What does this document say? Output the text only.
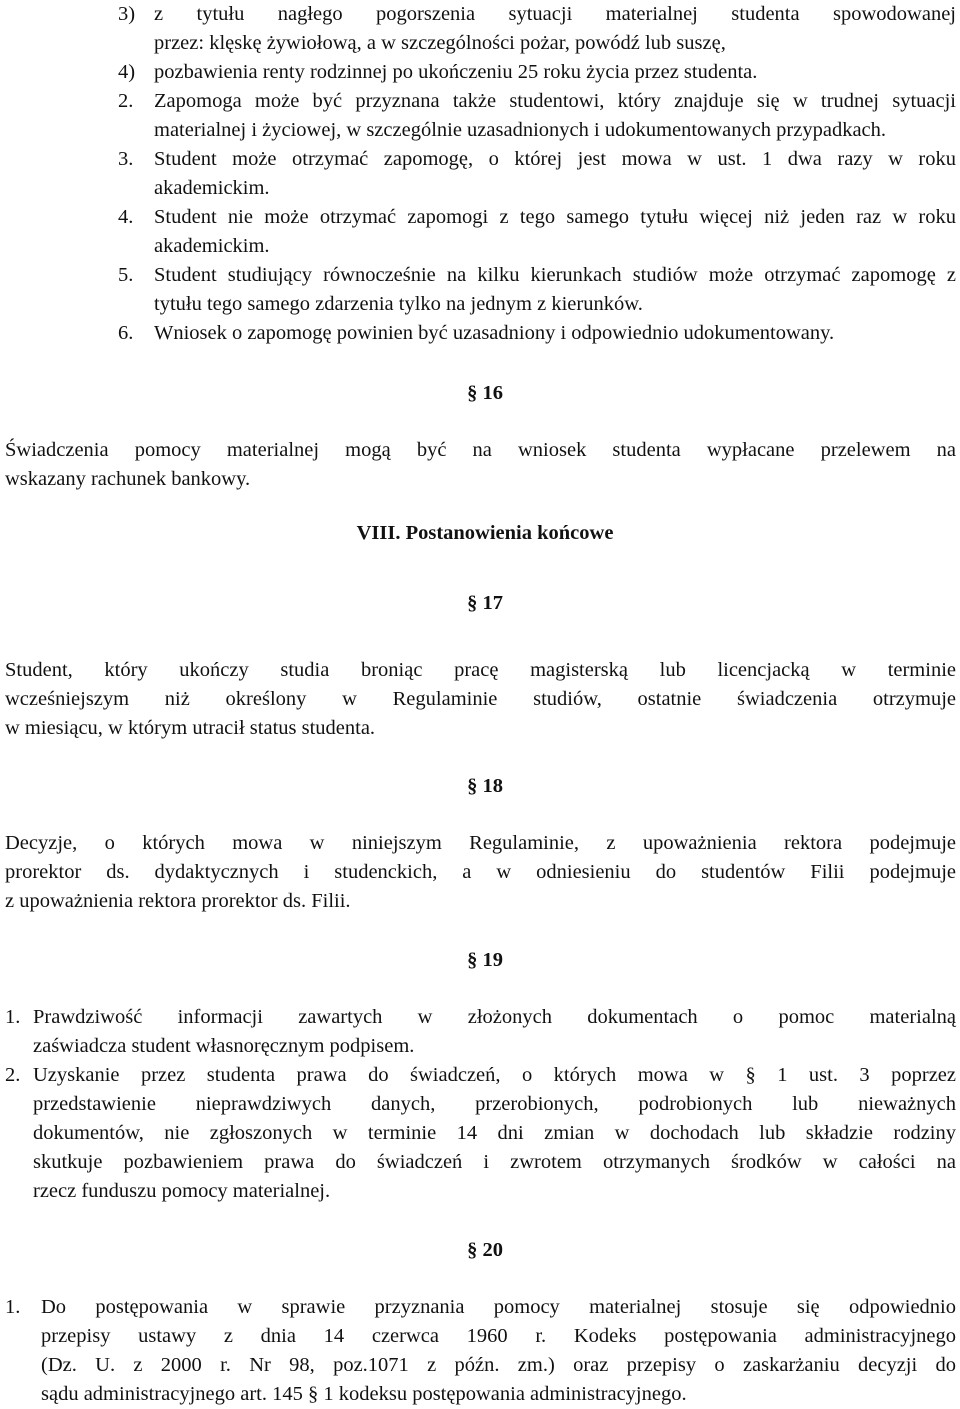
3) z tytułu nagłego pogorszenia sytuacji materialnej studenta spowodowanej
przez: klęskę żywiołową, a w szczególności pożar, powódź lub suszę,
4) pozbawienia renty rodzinnej po ukończeniu 25 roku życia przez studenta.
2. Zapomoga może być przyznana także studentowi, który znajduje się w trudnej sytuacji
materialnej i życiowej, w szczególnie uzasadnionych i udokumentowanych przypadkach.
3. Student może otrzymać zapomogę, o której jest mowa w ust. 1 dwa razy w roku
akademickim.
4. Student nie może otrzymać zapomogi z tego samego tytułu więcej niż jeden raz w roku
akademickim.
5. Student studiujący równocześnie na kilku kierunkach studiów może otrzymać zapomogę z
tytułu tego samego zdarzenia tylko na jednym z kierunków.
6. Wniosek o zapomogę powinien być uzasadniony i odpowiednio udokumentowany.
§ 16
Świadczenia pomocy materialnej mogą być na wniosek studenta wypłacane przelewem na
wskazany rachunek bankowy.
VIII. Postanowienia końcowe
§ 17
Student, który ukończy studia broniąc pracę magisterską lub licencjacką w terminie
wcześniejszym niż określony w Regulaminie studiów, ostatnie świadczenia otrzymuje
w miesiącu, w którym utracił status studenta.
§ 18
Decyzje, o których mowa w niniejszym Regulaminie, z upoważnienia rektora podejmuje
prorektor ds. dydaktycznych i studenckich, a w odniesieniu do studentów Filii podejmuje
z upoważnienia rektora prorektor ds. Filii.
§ 19
1. Prawdziwość informacji zawartych w złożonych dokumentach o pomoc materialną
zaświadcza student własnoręcznym podpisem.
2. Uzyskanie przez studenta prawa do świadczeń, o których mowa w § 1 ust. 3 poprzez
przedstawienie nieprawdziwych danych, przerobionych, podrobionych lub nieważnych
dokumentów, nie zgłoszonych w terminie 14 dni zmian w dochodach lub składzie rodziny
skutkuje pozbawieniem prawa do świadczeń i zwrotem otrzymanych środków w całości na
rzecz funduszu pomocy materialnej.
§ 20
1. Do postępowania w sprawie przyznania pomocy materialnej stosuje się odpowiednio
przepisy ustawy z dnia 14 czerwca 1960 r. Kodeks postępowania administracyjnego
(Dz. U. z 2000 r. Nr 98, poz.1071 z późn. zm.) oraz przepisy o zaskarżaniu decyzji do
sądu administracyjnego art. 145 § 1 kodeksu postępowania administracyjnego.
